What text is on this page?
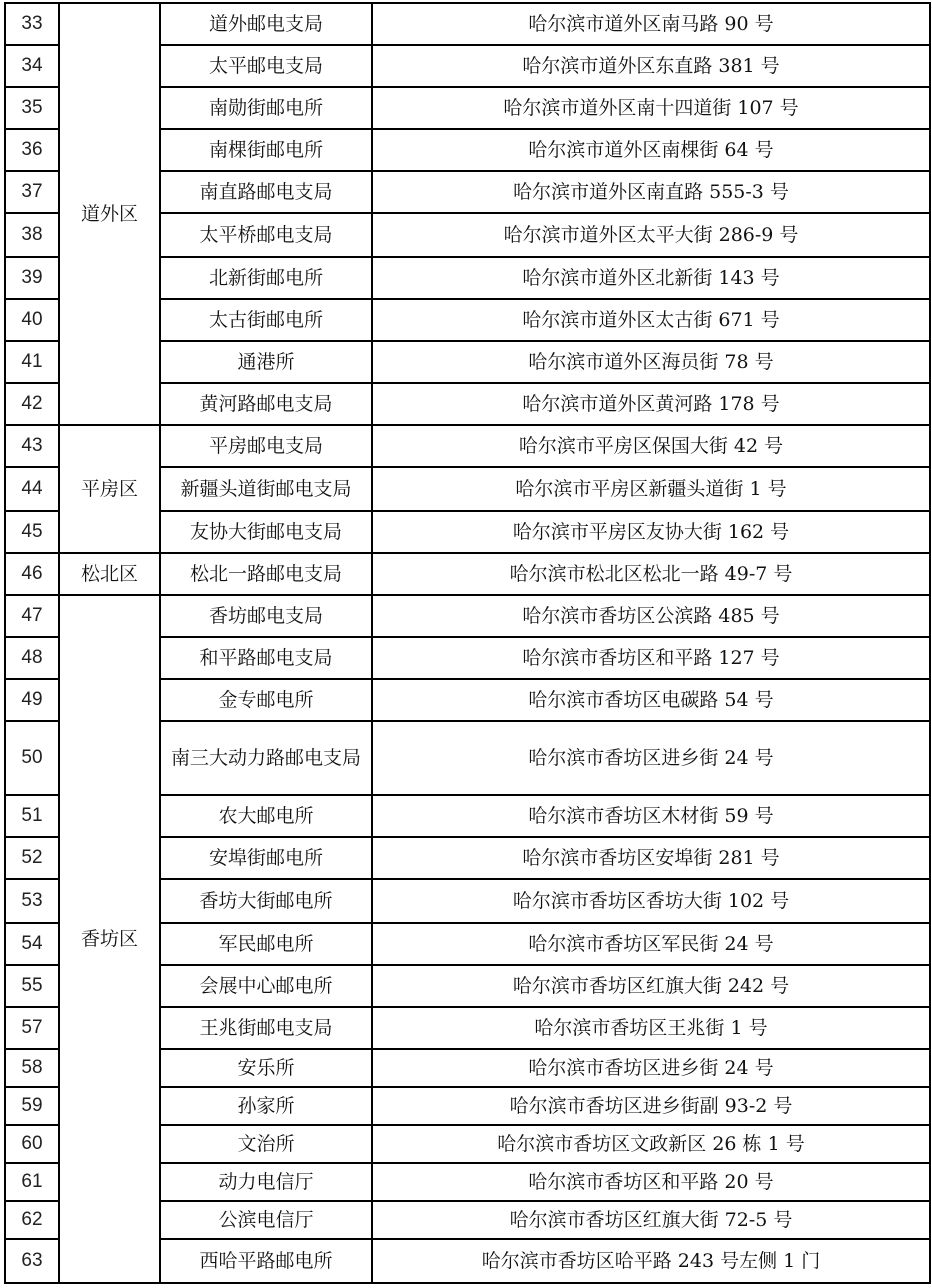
33	道外区	道外邮电支局	哈尔滨市道外区南马路 90 号
34		太平邮电支局	哈尔滨市道外区东直路 381 号
35		南勋街邮电所	哈尔滨市道外区南十四道街 107 号
36		南棵街邮电所	哈尔滨市道外区南棵街 64 号
37		南直路邮电支局	哈尔滨市道外区南直路 555-3 号
38		太平桥邮电支局	哈尔滨市道外区太平大街 286-9 号
39		北新街邮电所	哈尔滨市道外区北新街 143 号
40		太古街邮电所	哈尔滨市道外区太古街 671 号
41		通港所	哈尔滨市道外区海员街 78 号
42		黄河路邮电支局	哈尔滨市道外区黄河路 178 号
43	平房区	平房邮电支局	哈尔滨市平房区保国大街 42 号
44		新疆头道街邮电支局	哈尔滨市平房区新疆头道街 1 号
45		友协大街邮电支局	哈尔滨市平房区友协大街 162 号
46	松北区	松北一路邮电支局	哈尔滨市松北区松北一路 49-7 号
47	香坊区	香坊邮电支局	哈尔滨市香坊区公滨路 485 号
48		和平路邮电支局	哈尔滨市香坊区和平路 127 号
49		金专邮电所	哈尔滨市香坊区电碳路 54 号
50		南三大动力路邮电支局	哈尔滨市香坊区进乡街 24 号
51		农大邮电所	哈尔滨市香坊区木材街 59 号
52		安埠街邮电所	哈尔滨市香坊区安埠街 281 号
53		香坊大街邮电所	哈尔滨市香坊区香坊大街 102 号
54		军民邮电所	哈尔滨市香坊区军民街 24 号
55		会展中心邮电所	哈尔滨市香坊区红旗大街 242 号
57		王兆街邮电支局	哈尔滨市香坊区王兆街 1 号
58		安乐所	哈尔滨市香坊区进乡街 24 号
59		孙家所	哈尔滨市香坊区进乡街副 93-2 号
60		文治所	哈尔滨市香坊区文政新区 26 栋 1 号
61		动力电信厅	哈尔滨市香坊区和平路 20 号
62		公滨电信厅	哈尔滨市香坊区红旗大街 72-5 号
63		西哈平路邮电所	哈尔滨市香坊区哈平路 243 号左侧 1 门
